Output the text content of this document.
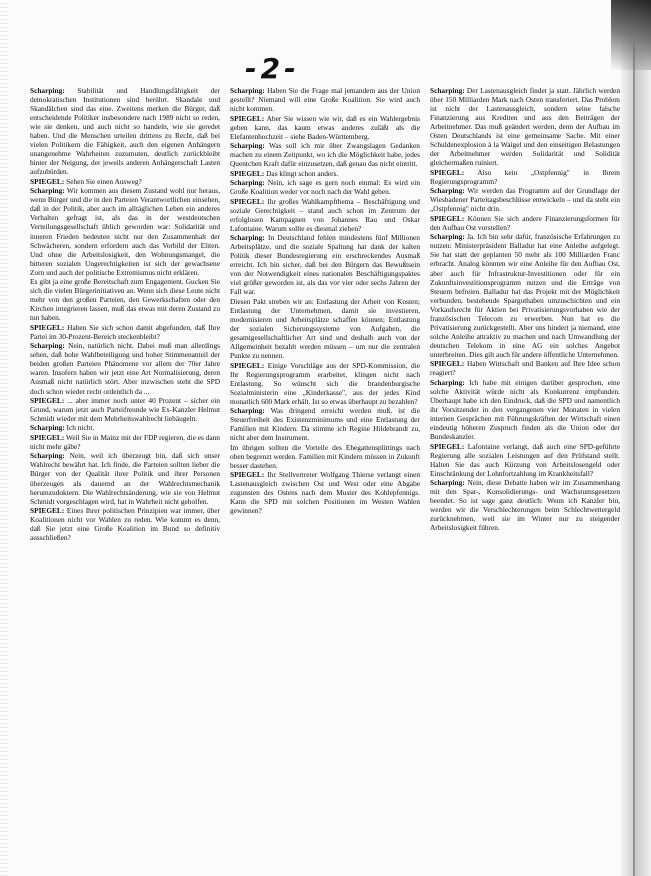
-2-

Scharping: Stabilität und Handlungsfähigkeit der demokratischen Institutionen sind berührt. Skandale und Skandälchen sind das eine. Zweitens merken die Bürger, daß entscheidende Politiker insbesondere nach 1989 nicht so reden, wie sie denken, und auch nicht so handeln, wie sie geredet haben. Und die Menschen urteilen drittens zu Recht, daß bei vielen Politikern die Fähigkeit, auch den eigenen Anhängern unangenehme Wahrheiten zuzumuten, deutlich zurückbleibt hinter der Neigung, der jeweils anderen Anhängerschaft Lasten aufzubürden.

SPIEGEL: Sehen Sie einen Ausweg?

Scharping: Wir kommen aus diesem Zustand wohl nur heraus, wenn Bürger und die in den Parteien Verantwortlichen einsehen, daß in der Politik, aber auch im alltäglichen Leben ein anderes Verhalten gefragt ist, als das in der westdeutschen Verteilungsgesellschaft üblich geworden war: Solidarität und inneren Frieden bedeuten nicht nur den Zusammenhalt der Schwächeren, sondern erfordern auch das Vorbild der Eliten. Und ohne die Arbeitslosigkeit, den Wohnungsmangel, die bitteren sozialen Ungerechtigkeiten ist sich der gewachsene Zorn und auch der politische Extremismus nicht erklären.

Es gibt ja eine große Bereitschaft zum Engagement. Gucken Sie sich die vielen Bürgerinitiativen an. Wenn sich diese Leute nicht mehr von den großen Parteien, den Gewerkschaften oder den Kirchen integrieren lassen, muß das etwas mit deren Zustand zu tun haben.

SPIEGEL: Haben Sie sich schon damit abgefunden, daß Ihre Partei im 30-Prozent-Bereich steckenbleibt?

Scharping: Nein, natürlich nicht. Dabei muß man allerdings sehen, daß hohe Wahlbeteiligung und hoher Stimmenanteil der beiden großen Parteien Phänomene vor allem der 70er Jahre waren. Insofern haben wir jetzt eine Art Normalisierung, deren Ausmaß nicht natürlich stört. Aber inzwischen steht die SPD doch schon wieder recht ordentlich da ...

SPIEGEL: ... aber immer noch unter 40 Prozent – sicher ein Grund, warum jetzt auch Parteifreunde wie Ex-Kanzler Helmut Schmidt wieder mit dem Mehrheitswahlrecht liebäugeln.

Scharping: Ich nicht.

SPIEGEL: Weil Sie in Mainz mit der FDP regieren, die es dann nicht mehr gäbe?

Scharping: Nein, weil ich überzeugt bin, daß sich unser Wahlrecht bewährt hat. Ich finde, die Parteien sollten lieber die Bürger von der Qualität ihrer Politik und ihrer Personen überzeugen als dauernd an der Wahlrechtsmechanik herumzudoktern. Die Wahlrechtsänderung, wie sie von Helmut Schmidt vorgeschlagen wird, hat in Wahrheit nicht geholfen.

SPIEGEL: Eines Ihrer politischen Prinzipien war immer, über Koalitionen nicht vor Wahlen zu reden. Wie kommt es denn, daß Sie jetzt eine Große Koalition im Bund so definitiv ausschließen?

Scharping: Haben Sie die Frage mal jemandem aus der Union gestellt? Niemand will eine Große Koalition. Sie wird auch nicht kommen.

SPIEGEL: Aber Sie wissen wie wir, daß es ein Wahlergebnis geben kann, das kaum etwas anderes zuläßt als die Elefantenhochzeit – siehe Baden-Württemberg.

Scharping: Was soll ich mir über Zwangslagen Gedanken machen zu einem Zeitpunkt, wo ich die Möglichkeit habe, jedes Quentchen Kraft dafür einzusetzen, daß genau das nicht eintritt.

SPIEGEL: Das klingt schon anders.

Scharping: Nein, ich sage es gern noch einmal: Es wird ein Große Koalition weder vor noch nach der Wahl geben.

SPIEGEL: Ihr großes Wahlkampfthema – Beschäftigung und soziale Gerechtigkeit – stand auch schon im Zentrum der erfolglosen Kampagnen von Johannes Rau und Oskar Lafontaine. Warum sollte es diesmal ziehen?

Scharping: In Deutschland fehlen mindestens fünf Millionen Arbeitsplätze, und die soziale Spaltung hat dank der kalten Politik dieser Bundesregierung ein erschreckendes Ausmaß erreicht. Ich bin sicher, daß bei den Bürgern das Bewußtsein von der Notwendigkeit eines nationalen Beschäftigungspaktes viel größer geworden ist, als das vor vier oder sechs Jahren der Fall war.

Diesen Pakt streben wir an: Entlastung der Arbeit von Kosten; Entlastung der Unternehmen, damit sie investieren, modernisieren und Arbeitsplätze schaffen können; Entlastung der sozialen Sicherungssysteme von Aufgaben, die gesamtgesellschaftlicher Art sind und deshalb auch von der Allgemeinheit bezahlt werden müssen – um nur die zentralen Punkte zu nennen.

SPIEGEL: Einige Vorschläge aus der SPD-Kommission, die Ihr Regierungsprogramm erarbeitet, klingen nicht nach Entlastung. So wünscht sich die brandenburgische Sozialministerin eine „Kinderkasse", aus der jedes Kind monatlich 600 Mark erhält. Ist so etwas überhaupt zu bezahlen?

Scharping: Was dringend erreicht werden muß, ist die Steuerfreiheit des Existenzminimums und eine Entlastung der Familien mit Kindern. Da stimme ich Regine Hildebrandt zu, nicht aber dem Instrument.

Im übrigen sollten die Vorteile des Ehegattensplittings nach oben begrenzt werden. Familien mit Kindern müssen in Zukunft besser dastehen.

SPIEGEL: Ihr Stellvertreter Wolfgang Thierse verlangt einen Lastenausgleich zwischen Ost und West oder eine Abgabe zugunsten des Ostens nach dem Muster des Kohlepfennigs. Kann die SPD mit solchen Positionen im Westen Wahlen gewinnen?

Scharping: Der Lastenausgleich findet ja statt. Jährlich werden über 150 Milliarden Mark nach Osten transferiert. Das Problem ist nicht der Lastenausgleich, sondern seine falsche Finanzierung aus Krediten und aus den Beiträgen der Arbeitnehmer. Das muß geändert werden, denn der Aufbau im Osten Deutschlands ist eine gemeinsame Sache. Mit einer Schuldenexplosion à la Waigel und den einseitigen Belastungen der Arbeitnehmer werden Solidarität und Solidität gleichermaßen ruiniert.

SPIEGEL: Also kein „Ostpfennig" in Ihrem Regierungsprogramm?

Scharping: Wir werden das Programm auf der Grundlage der Wiesbadener Parteitagsbeschlüsse entwickeln – und da steht ein „Ostpfennig" nicht drin.

SPIEGEL: Können Sie sich andere Finanzierungsformen für den Aufbau Ost vorstellen?

Scharping: Ja. Ich bin sehr dafür, französische Erfahrungen zu nutzen: Ministerpräsident Balladur hat eine Anleihe aufgelegt. Sie hat statt der geplanten 50 mehr als 100 Milliarden Franc erbracht. Analog könnten wir eine Anleihe für den Aufbau Ost, aber auch für Infrastruktur-Investitionen oder für ein Zukunftsinvestitionsprogramm nutzen und die Erträge von Steuern befreien. Balladur hat das Projekt mit der Möglichkeit verbunden, bestehende Sparguthaben umzuschichten und ein Vorkaufsrecht für Aktien bei Privatisierungsvorhaben wie der französischen Telecom zu erwerben. Nun hat es die Privatisierung zurückgestellt. Aber uns hindert ja niemand, eine solche Anleihe attraktiv zu machen und nach Umwandlung der deutschen Telekom in eine AG ein solches Angebot unterbreiten. Dies gilt auch für andere öffentliche Unternehmen.

SPIEGEL: Haben Wirtschaft und Banken auf Ihre Idee schon reagiert?

Scharping: Ich habe mit einigen darüber gesprochen, eine solche Aktivität würde nicht als Konkurrenz empfunden. Überhaupt habe ich den Eindruck, daß die SPD und namentlich ihr Vorsitzender in den vergangenen vier Monaten in vielen internen Gesprächen mit Führungskräften der Wirtschaft einen eindeutig höheren Zuspruch finden als die Union oder der Bundeskanzler.

SPIEGEL: Lafontaine verlangt, daß auch eine SPD-geführte Regierung alle sozialen Leistungen auf den Prüfstand stellt. Halten Sie das auch Kürzung von Arbeitslosengeld oder Einschränkung der Lohnfortzahlung im Krankheitsfall?

Scharping: Nein, diese Debatte haben wir im Zusammenhang mit den Spar-, Konsolidierungs- und Wachstumsgesetzen beendet. So ist sage ganz deutlich: Wenn ich Kanzler bin, werden wir die Verschlechterungen beim Schlechtwettergeld zurücknehmen, weil sie im Winter nur zu steigender Arbeitslosigkeit führen.
